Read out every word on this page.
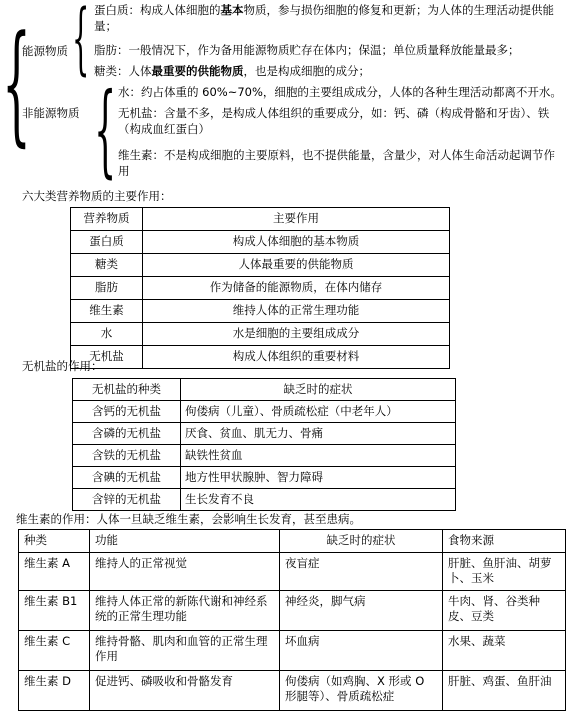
{
能源物质 {
非能源物质 {
蛋白质：构成人体细胞的基本物质，参与损伤细胞的修复和更新；为人体的生理活动提供能量；
脂肪：一般情况下，作为备用能源物质贮存在体内；保温；单位质量释放能量最多；
糖类：人体最重要的供能物质，也是构成细胞的成分；
水：约占体重的 60%~70%，细胞的主要组成成分，人体的各种生理活动都离不开水。
无机盐：含量不多，是构成人体组织的重要成分，如：钙、磷（构成骨骼和牙齿）、铁（构成血红蛋白）
维生素：不是构成细胞的主要原料，也不提供能量，含量少，对人体生命活动起调节作用
六大类营养物质的主要作用：
营养物质	主要作用
蛋白质	构成人体细胞的基本物质
糖类	人体最重要的供能物质
脂肪	作为储备的能源物质，在体内储存
维生素	维持人体的正常生理功能
水	水是细胞的主要组成成分
无机盐	构成人体组织的重要材料
无机盐的作用：
无机盐的种类	缺乏时的症状
含钙的无机盐	佝偻病（儿童）、骨质疏松症（中老年人）
含磷的无机盐	厌食、贫血、肌无力、骨痛
含铁的无机盐	缺铁性贫血
含碘的无机盐	地方性甲状腺肿、智力障碍
含锌的无机盐	生长发育不良
维生素的作用：人体一旦缺乏维生素，会影响生长发育，甚至患病。
种类	功能	缺乏时的症状	食物来源
维生素 A	维持人的正常视觉	夜盲症	肝脏、鱼肝油、胡萝卜、玉米
维生素 B1	维持人体正常的新陈代谢和神经系统的正常生理功能	神经炎，脚气病	牛肉、肾、谷类种皮、豆类
维生素 C	维持骨骼、肌肉和血管的正常生理作用	坏血病	水果、蔬菜
维生素 D	促进钙、磷吸收和骨骼发育	佝偻病（如鸡胸、X 形或 O 形腿等）、骨质疏松症	肝脏、鸡蛋、鱼肝油
